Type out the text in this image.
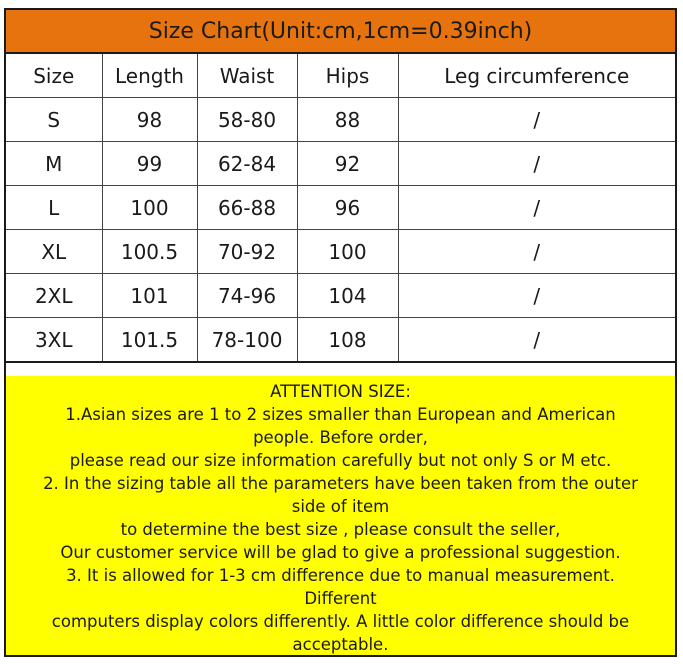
Size Chart(Unit:cm,1cm=0.39inch)
Size	Length	Waist	Hips	Leg circumference
S	98	58-80	88	/
M	99	62-84	92	/
L	100	66-88	96	/
XL	100.5	70-92	100	/
2XL	101	74-96	104	/
3XL	101.5	78-100	108	/
ATTENTION SIZE:
1.Asian sizes are 1 to 2 sizes smaller than European and American
people. Before order,
please read our size information carefully but not only S or M etc.
2. In the sizing table all the parameters have been taken from the outer
side of item
to determine the best size , please consult the seller,
Our customer service will be glad to give a professional suggestion.
3. It is allowed for 1-3 cm difference due to manual measurement.
Different
computers display colors differently. A little color difference should be
acceptable.
